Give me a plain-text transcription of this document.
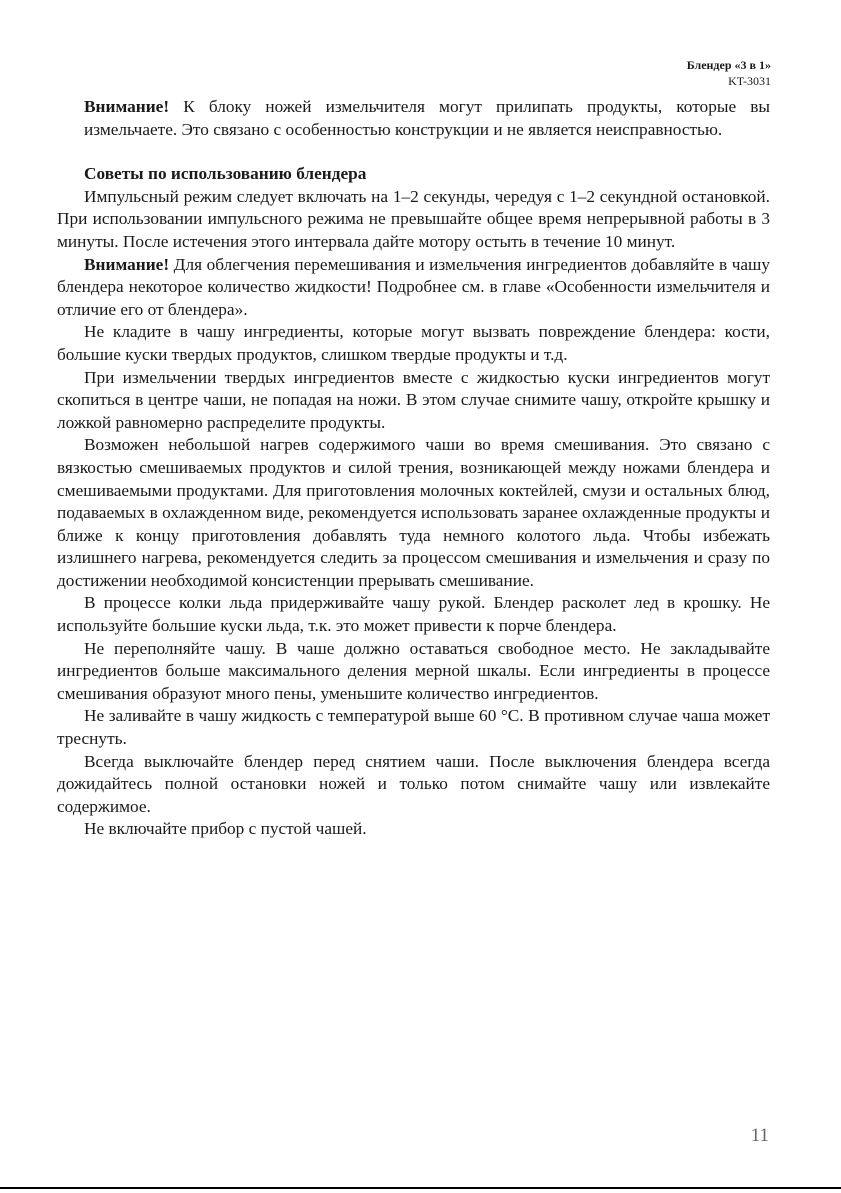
Блендер «3 в 1»
KT-3031

Внимание! К блоку ножей измельчителя могут прилипать продукты, которые вы измельчаете. Это связано с особенностью конструкции и не является неисправностью.

Советы по использованию блендера

Импульсный режим следует включать на 1–2 секунды, чередуя с 1–2 секундной остановкой. При использовании импульсного режима не превышайте общее время непрерывной работы в 3 минуты. После истечения этого интервала дайте мотору остыть в течение 10 минут.

Внимание! Для облегчения перемешивания и измельчения ингредиентов добавляйте в чашу блендера некоторое количество жидкости! Подробнее см. в главе «Особенности измельчителя и отличие его от блендера».

Не кладите в чашу ингредиенты, которые могут вызвать повреждение блендера: кости, большие куски твердых продуктов, слишком твердые продукты и т.д.

При измельчении твердых ингредиентов вместе с жидкостью куски ингредиентов могут скопиться в центре чаши, не попадая на ножи. В этом случае снимите чашу, откройте крышку и ложкой равномерно распределите продукты.

Возможен небольшой нагрев содержимого чаши во время смешивания. Это связано с вязкостью смешиваемых продуктов и силой трения, возникающей между ножами блендера и смешиваемыми продуктами. Для приготовления молочных коктейлей, смузи и остальных блюд, подаваемых в охлажденном виде, рекомендуется использовать заранее охлажденные продукты и ближе к концу приготовления добавлять туда немного колотого льда. Чтобы избежать излишнего нагрева, рекомендуется следить за процессом смешивания и измельчения и сразу по достижении необходимой консистенции прерывать смешивание.

В процессе колки льда придерживайте чашу рукой. Блендер расколет лед в крошку. Не используйте большие куски льда, т.к. это может привести к порче блендера.

Не переполняйте чашу. В чаше должно оставаться свободное место. Не закладывайте ингредиентов больше максимального деления мерной шкалы. Если ингредиенты в процессе смешивания образуют много пены, уменьшите количество ингредиентов.

Не заливайте в чашу жидкость с температурой выше 60 °С. В противном случае чаша может треснуть.

Всегда выключайте блендер перед снятием чаши. После выключения блендера всегда дожидайтесь полной остановки ножей и только потом снимайте чашу или извлекайте содержимое.

Не включайте прибор с пустой чашей.

11
